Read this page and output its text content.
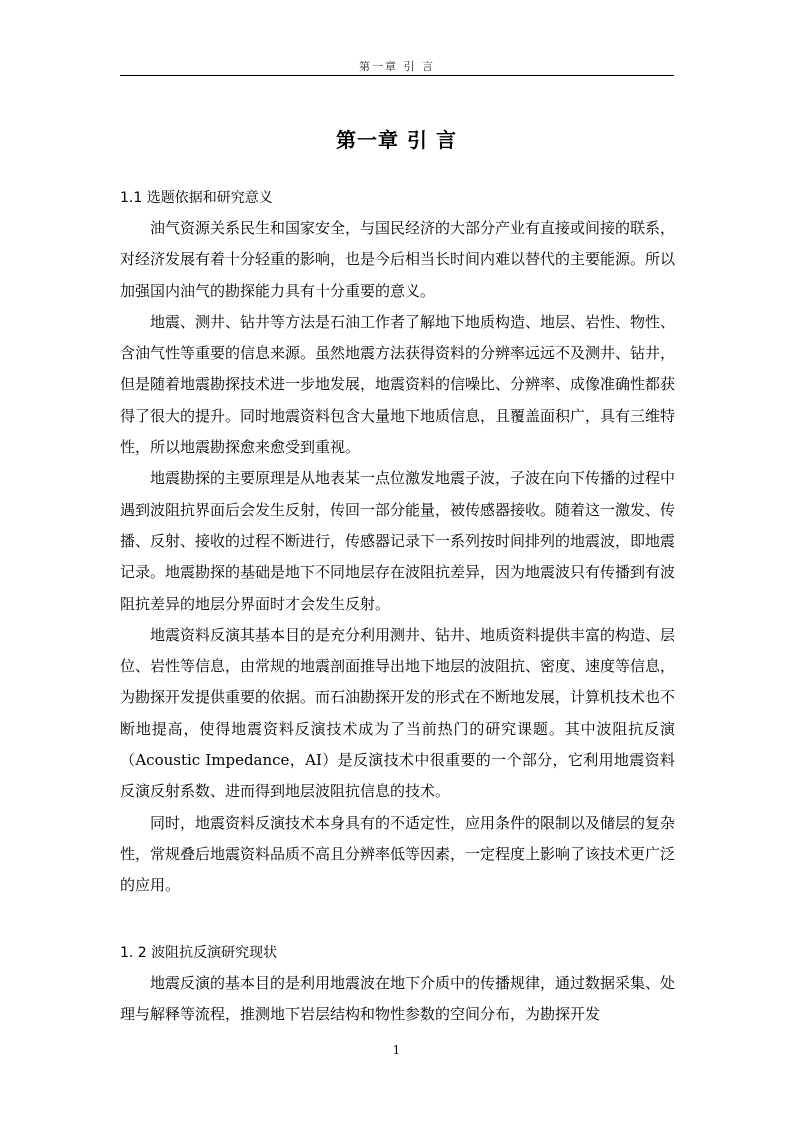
第一章 引 言
第一章 引 言
1.1 选题依据和研究意义

油气资源关系民生和国家安全，与国民经济的大部分产业有直接或间接的联系，对经济发展有着十分轻重的影响，也是今后相当长时间内难以替代的主要能源。所以加强国内油气的勘探能力具有十分重要的意义。

地震、测井、钻井等方法是石油工作者了解地下地质构造、地层、岩性、物性、含油气性等重要的信息来源。虽然地震方法获得资料的分辨率远远不及测井、钻井，但是随着地震勘探技术进一步地发展，地震资料的信噪比、分辨率、成像准确性都获得了很大的提升。同时地震资料包含大量地下地质信息，且覆盖面积广，具有三维特性，所以地震勘探愈来愈受到重视。

地震勘探的主要原理是从地表某一点位激发地震子波，子波在向下传播的过程中遇到波阻抗界面后会发生反射，传回一部分能量，被传感器接收。随着这一激发、传播、反射、接收的过程不断进行，传感器记录下一系列按时间排列的地震波，即地震记录。地震勘探的基础是地下不同地层存在波阻抗差异，因为地震波只有传播到有波阻抗差异的地层分界面时才会发生反射。

地震资料反演其基本目的是充分利用测井、钻井、地质资料提供丰富的构造、层位、岩性等信息，由常规的地震剖面推导出地下地层的波阻抗、密度、速度等信息，为勘探开发提供重要的依据。而石油勘探开发的形式在不断地发展，计算机技术也不断地提高，使得地震资料反演技术成为了当前热门的研究课题。其中波阻抗反演（Acoustic Impedance，AI）是反演技术中很重要的一个部分，它利用地震资料反演反射系数、进而得到地层波阻抗信息的技术。

同时，地震资料反演技术本身具有的不适定性，应用条件的限制以及储层的复杂性，常规叠后地震资料品质不高且分辨率低等因素，一定程度上影响了该技术更广泛的应用。

1. 2 波阻抗反演研究现状

地震反演的基本目的是利用地震波在地下介质中的传播规律，通过数据采集、处理与解释等流程，推测地下岩层结构和物性参数的空间分布，为勘探开发

1
